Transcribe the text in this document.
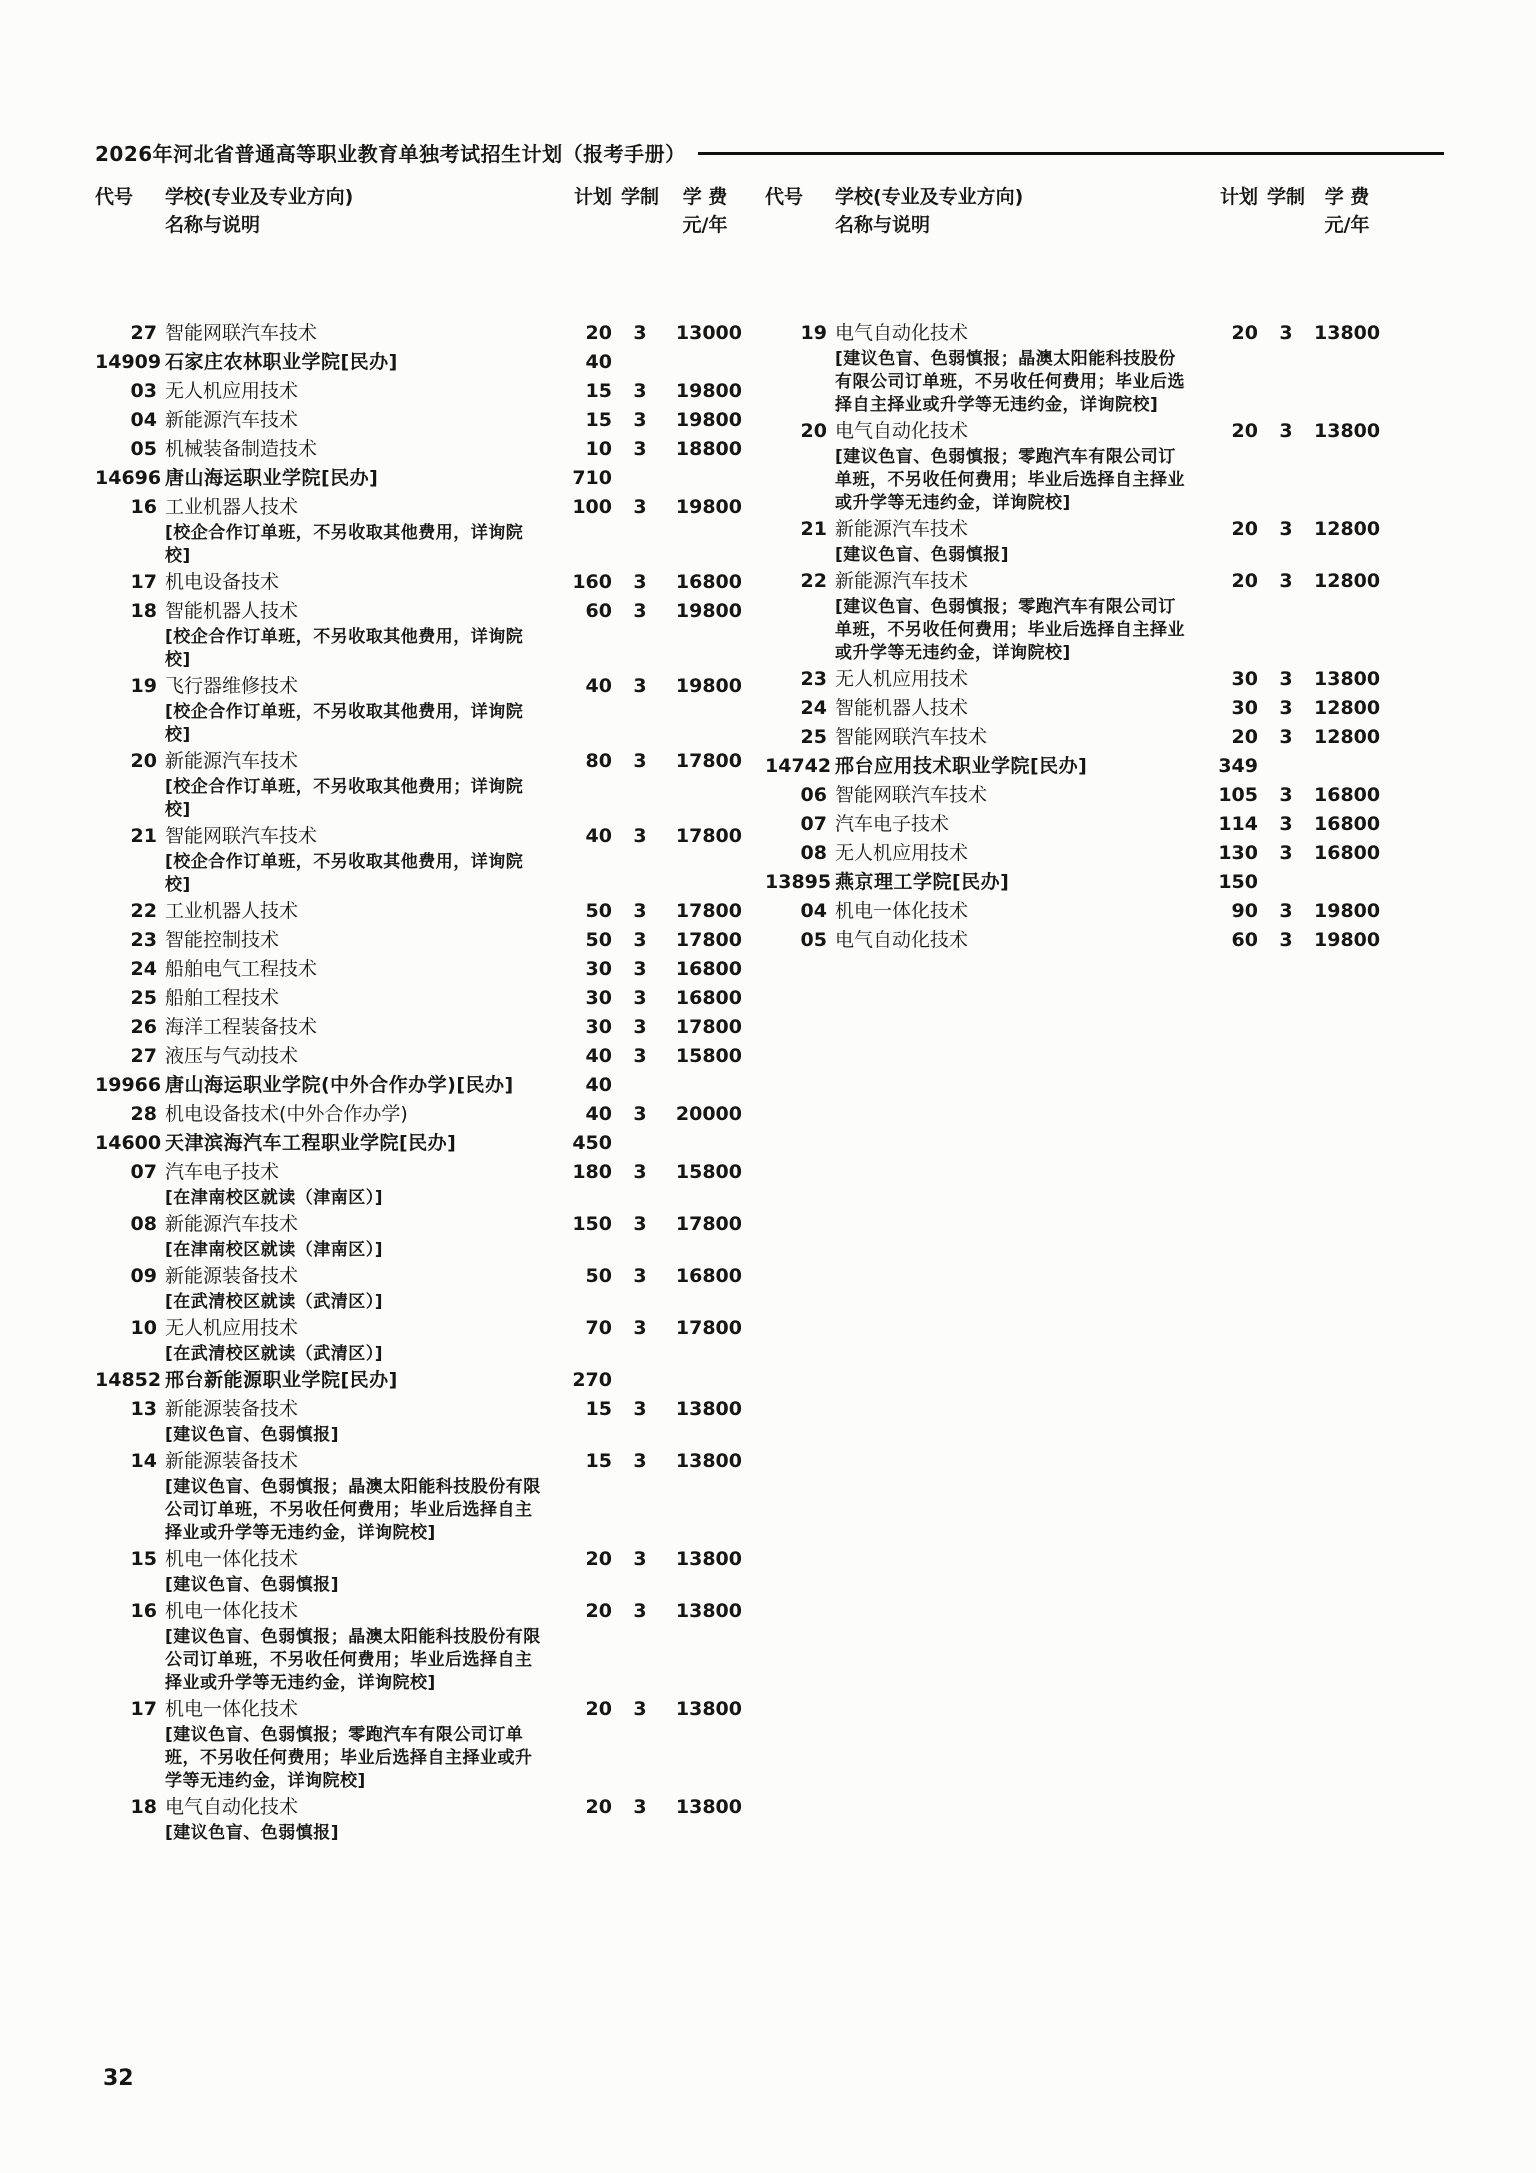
2026年河北省普通高等职业教育单独考试招生计划（报考手册）
代号	学校(专业及专业方向)	计划 学制	学 费
名称与说明	元/年
27 智能网联汽车技术	20	3	13000
14909 石家庄农林职业学院[民办]	40
03 无人机应用技术	15	3	19800
04 新能源汽车技术	15	3	19800
05 机械装备制造技术	10	3	18800
14696 唐山海运职业学院[民办]	710
16 工业机器人技术	100	3	19800
[校企合作订单班，不另收取其他费用，详询院校]
17 机电设备技术	160	3	16800
18 智能机器人技术	60	3	19800
[校企合作订单班，不另收取其他费用，详询院校]
19 飞行器维修技术	40	3	19800
[校企合作订单班，不另收取其他费用，详询院校]
20 新能源汽车技术	80	3	17800
[校企合作订单班，不另收取其他费用；详询院校]
21 智能网联汽车技术	40	3	17800
[校企合作订单班，不另收取其他费用，详询院校]
22 工业机器人技术	50	3	17800
23 智能控制技术	50	3	17800
24 船舶电气工程技术	30	3	16800
25 船舶工程技术	30	3	16800
26 海洋工程装备技术	30	3	17800
27 液压与气动技术	40	3	15800
19966 唐山海运职业学院(中外合作办学)[民办]	40
28 机电设备技术(中外合作办学)	40	3	20000
14600 天津滨海汽车工程职业学院[民办]	450
07 汽车电子技术	180	3	15800
[在津南校区就读（津南区）]
08 新能源汽车技术	150	3	17800
[在津南校区就读（津南区）]
09 新能源装备技术	50	3	16800
[在武清校区就读（武清区）]
10 无人机应用技术	70	3	17800
[在武清校区就读（武清区）]
14852 邢台新能源职业学院[民办]	270
13 新能源装备技术	15	3	13800
[建议色盲、色弱慎报]
14 新能源装备技术	15	3	13800
[建议色盲、色弱慎报；晶澳太阳能科技股份有限公司订单班，不另收任何费用；毕业后选择自主择业或升学等无违约金，详询院校]
15 机电一体化技术	20	3	13800
[建议色盲、色弱慎报]
16 机电一体化技术	20	3	13800
[建议色盲、色弱慎报；晶澳太阳能科技股份有限公司订单班，不另收任何费用；毕业后选择自主择业或升学等无违约金，详询院校]
17 机电一体化技术	20	3	13800
[建议色盲、色弱慎报；零跑汽车有限公司订单班，不另收任何费用；毕业后选择自主择业或升学等无违约金，详询院校]
18 电气自动化技术	20	3	13800
[建议色盲、色弱慎报]
代号	学校(专业及专业方向)	计划 学制	学 费
名称与说明	元/年
19 电气自动化技术	20	3	13800
[建议色盲、色弱慎报；晶澳太阳能科技股份有限公司订单班，不另收任何费用；毕业后选择自主择业或升学等无违约金，详询院校]
20 电气自动化技术	20	3	13800
[建议色盲、色弱慎报；零跑汽车有限公司订单班，不另收任何费用；毕业后选择自主择业或升学等无违约金，详询院校]
21 新能源汽车技术	20	3	12800
[建议色盲、色弱慎报]
22 新能源汽车技术	20	3	12800
[建议色盲、色弱慎报；零跑汽车有限公司订单班，不另收任何费用；毕业后选择自主择业或升学等无违约金，详询院校]
23 无人机应用技术	30	3	13800
24 智能机器人技术	30	3	12800
25 智能网联汽车技术	20	3	12800
14742 邢台应用技术职业学院[民办]	349
06 智能网联汽车技术	105	3	16800
07 汽车电子技术	114	3	16800
08 无人机应用技术	130	3	16800
13895 燕京理工学院[民办]	150
04 机电一体化技术	90	3	19800
05 电气自动化技术	60	3	19800
32
